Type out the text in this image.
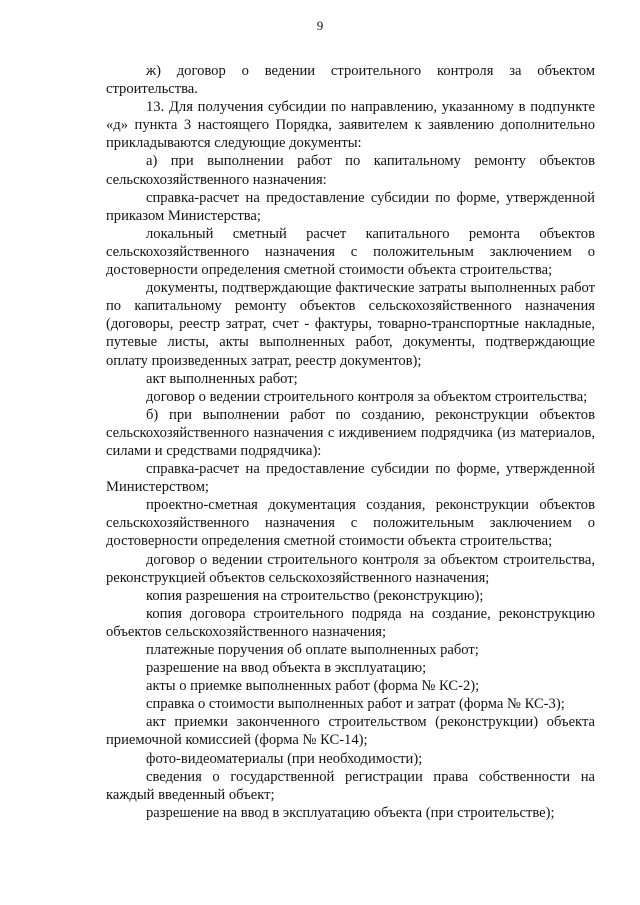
9

ж) договор о ведении строительного контроля за объектом строительства.

13. Для получения субсидии по направлению, указанному в подпункте «д» пункта 3 настоящего Порядка, заявителем к заявлению дополнительно прикладываются следующие документы:

а) при выполнении работ по капитальному ремонту объектов сельскохозяйственного назначения:

справка-расчет на предоставление субсидии по форме, утвержденной приказом Министерства;

локальный сметный расчет капитального ремонта объектов сельскохозяйственного назначения с положительным заключением о достоверности определения сметной стоимости объекта строительства;

документы, подтверждающие фактические затраты выполненных работ по капитальному ремонту объектов сельскохозяйственного назначения (договоры, реестр затрат, счет - фактуры, товарно-транспортные накладные, путевые листы, акты выполненных работ, документы, подтверждающие оплату произведенных затрат, реестр документов);

акт выполненных работ;

договор о ведении строительного контроля за объектом строительства;

б) при выполнении работ по созданию, реконструкции объектов сельскохозяйственного назначения с иждивением подрядчика (из материалов, силами и средствами подрядчика):

справка-расчет на предоставление субсидии по форме, утвержденной Министерством;

проектно-сметная документация создания, реконструкции объектов сельскохозяйственного назначения с положительным заключением о достоверности определения сметной стоимости объекта строительства;

договор о ведении строительного контроля за объектом строительства, реконструкцией объектов сельскохозяйственного назначения;

копия разрешения на строительство (реконструкцию);

копия договора строительного подряда на создание, реконструкцию объектов сельскохозяйственного назначения;

платежные поручения об оплате выполненных работ;

разрешение на ввод объекта в эксплуатацию;

акты о приемке выполненных работ (форма № КС-2);

справка о стоимости выполненных работ и затрат (форма № КС-3);

акт приемки законченного строительством (реконструкции) объекта приемочной комиссией (форма № КС-14);

фото-видеоматериалы (при необходимости);

сведения о государственной регистрации права собственности на каждый введенный объект;

разрешение на ввод в эксплуатацию объекта (при строительстве);
